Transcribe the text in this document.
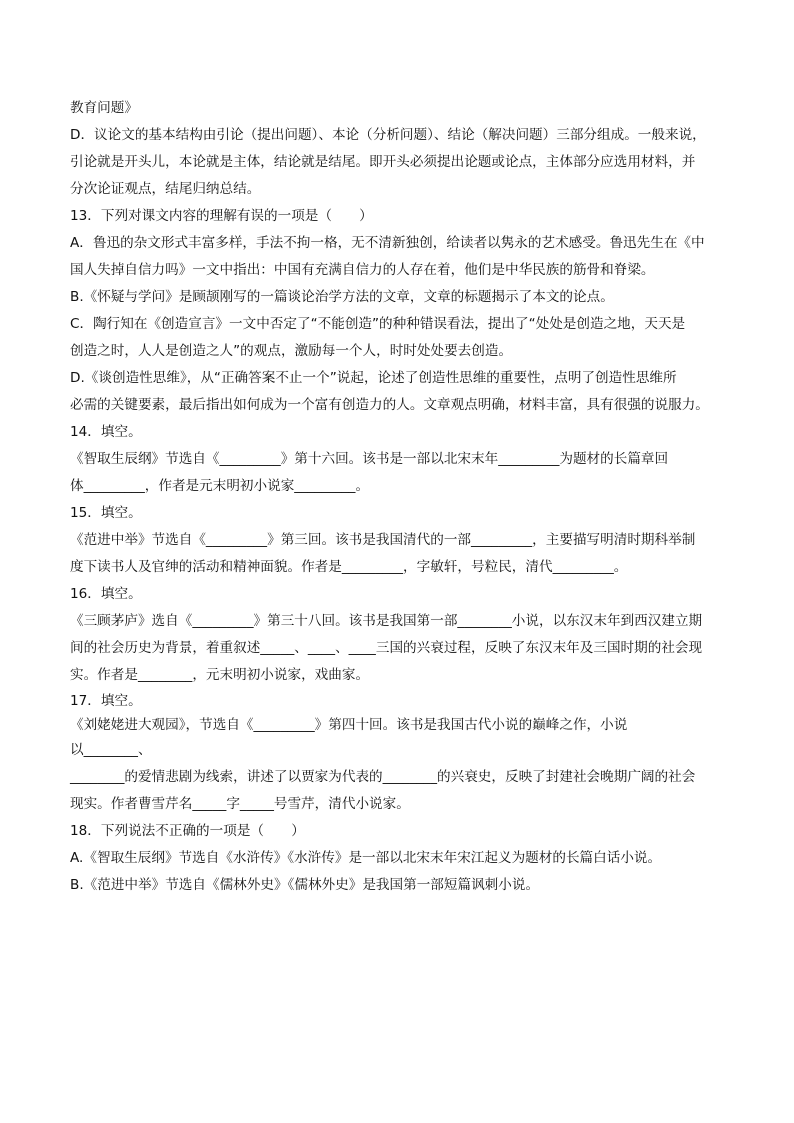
教育问题》

D．议论文的基本结构由引论（提出问题）、本论（分析问题）、结论（解决问题）三部分组成。一般来说，

引论就是开头儿，本论就是主体，结论就是结尾。即开头必须提出论题或论点，主体部分应选用材料，并

分次论证观点，结尾归纳总结。

13．下列对课文内容的理解有误的一项是（　　）

A．鲁迅的杂文形式丰富多样，手法不拘一格，无不清新独创，给读者以隽永的艺术感受。鲁迅先生在《中

国人失掉自信力吗》一文中指出：中国有充满自信力的人存在着，他们是中华民族的筋骨和脊梁。

B.《怀疑与学问》是顾颉刚写的一篇谈论治学方法的文章，文章的标题揭示了本文的论点。

C．陶行知在《创造宣言》一文中否定了“不能创造”的种种错误看法，提出了“处处是创造之地，天天是

创造之时，人人是创造之人”的观点，激励每一个人，时时处处要去创造。

D.《谈创造性思维》，从“正确答案不止一个”说起，论述了创造性思维的重要性，点明了创造性思维所

必需的关键要素，最后指出如何成为一个富有创造力的人。文章观点明确，材料丰富，具有很强的说服力。

14．填空。

《智取生辰纲》节选自《_________》第十六回。该书是一部以北宋末年_________为题材的长篇章回

体_________，作者是元末明初小说家_________。

15．填空。

《范进中举》节选自《_________》第三回。该书是我国清代的一部_________，主要描写明清时期科举制

度下读书人及官绅的活动和精神面貌。作者是_________，字敏轩，号粒民，清代_________。

16．填空。

《三顾茅庐》选自《_________》第三十八回。该书是我国第一部________小说，以东汉末年到西汉建立期

间的社会历史为背景，着重叙述_____、____、____三国的兴衰过程，反映了东汉末年及三国时期的社会现

实。作者是________，元末明初小说家，戏曲家。

17．填空。

《刘姥姥进大观园》，节选自《_________》第四十回。该书是我国古代小说的巅峰之作，小说

以________、

________的爱情悲剧为线索，讲述了以贾家为代表的________的兴衰史，反映了封建社会晚期广阔的社会

现实。作者曹雪芹名_____字_____号雪芹，清代小说家。

18．下列说法不正确的一项是（　　）

A.《智取生辰纲》节选自《水浒传》《水浒传》是一部以北宋末年宋江起义为题材的长篇白话小说。

B.《范进中举》节选自《儒林外史》《儒林外史》是我国第一部短篇讽刺小说。
